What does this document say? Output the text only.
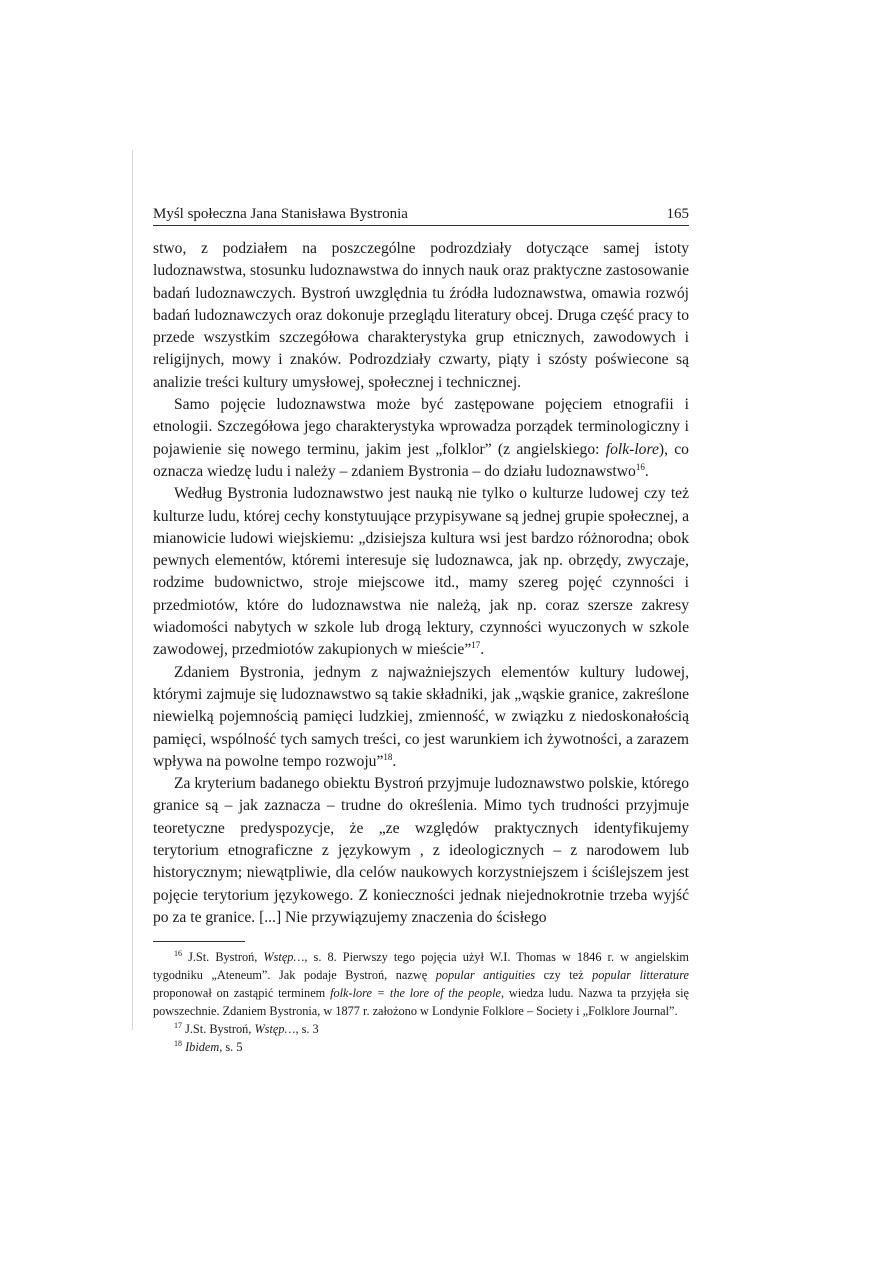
Myśl społeczna Jana Stanisława Bystronia	165

stwo, z podziałem na poszczególne podrozdziały dotyczące samej istoty ludoznawstwa, stosunku ludoznawstwa do innych nauk oraz praktyczne zastosowanie badań ludoznawczych. Bystroń uwzględnia tu źródła ludoznawstwa, omawia rozwój badań ludoznawczych oraz dokonuje przeglądu literatury obcej. Druga część pracy to przede wszystkim szczegółowa charakterystyka grup etnicznych, zawodowych i religijnych, mowy i znaków. Podrozdziały czwarty, piąty i szósty poświecone są analizie treści kultury umysłowej, społecznej i technicznej.

Samo pojęcie ludoznawstwa może być zastępowane pojęciem etnografii i etnologii. Szczegółowa jego charakterystyka wprowadza porządek terminologiczny i pojawienie się nowego terminu, jakim jest „folklor” (z angielskiego: folk-lore), co oznacza wiedzę ludu i należy – zdaniem Bystronia – do działu ludoznawstwo$^{16}$.

Według Bystronia ludoznawstwo jest nauką nie tylko o kulturze ludowej czy też kulturze ludu, której cechy konstytuujące przypisywane są jednej grupie społecznej, a mianowicie ludowi wiejskiemu: „dzisiejsza kultura wsi jest bardzo różnorodna; obok pewnych elementów, któremi interesuje się ludoznawca, jak np. obrzędy, zwyczaje, rodzime budownictwo, stroje miejscowe itd., mamy szereg pojęć czynności i przedmiotów, które do ludoznawstwa nie należą, jak np. coraz szersze zakresy wiadomości nabytych w szkole lub drogą lektury, czynności wyuczonych w szkole zawodowej, przedmiotów zakupionych w mieście”$^{17}$.

Zdaniem Bystronia, jednym z najważniejszych elementów kultury ludowej, którymi zajmuje się ludoznawstwo są takie składniki, jak „wąskie granice, zakreślone niewielką pojemnością pamięci ludzkiej, zmienność, w związku z niedoskonałością pamięci, wspólność tych samych treści, co jest warunkiem ich żywotności, a zarazem wpływa na powolne tempo rozwoju”$^{18}$.

Za kryterium badanego obiektu Bystroń przyjmuje ludoznawstwo polskie, którego granice są – jak zaznacza – trudne do określenia. Mimo tych trudności przyjmuje teoretyczne predyspozycje, że „ze względów praktycznych identyfikujemy terytorium etnograficzne z językowym , z ideologicznych – z narodowem lub historycznym; niewątpliwie, dla celów naukowych korzystniejszem i ściślejszem jest pojęcie terytorium językowego. Z konieczności jednak niejednokrotnie trzeba wyjść po za te granice. [...] Nie przywiązujemy znaczenia do ścisłego

$^{16}$ J.St. Bystroń, Wstęp…, s. 8. Pierwszy tego pojęcia użył W.I. Thomas w 1846 r. w angielskim tygodniku „Ateneum”. Jak podaje Bystroń, nazwę popular antiguities czy też popular litterature proponował on zastąpić terminem folk-lore = the lore of the people, wiedza ludu. Nazwa ta przyjęła się powszechnie. Zdaniem Bystronia, w 1877 r. założono w Londynie Folklore – Society i „Folklore Journal”.

$^{17}$ J.St. Bystroń, Wstęp…, s. 3

$^{18}$ Ibidem, s. 5
